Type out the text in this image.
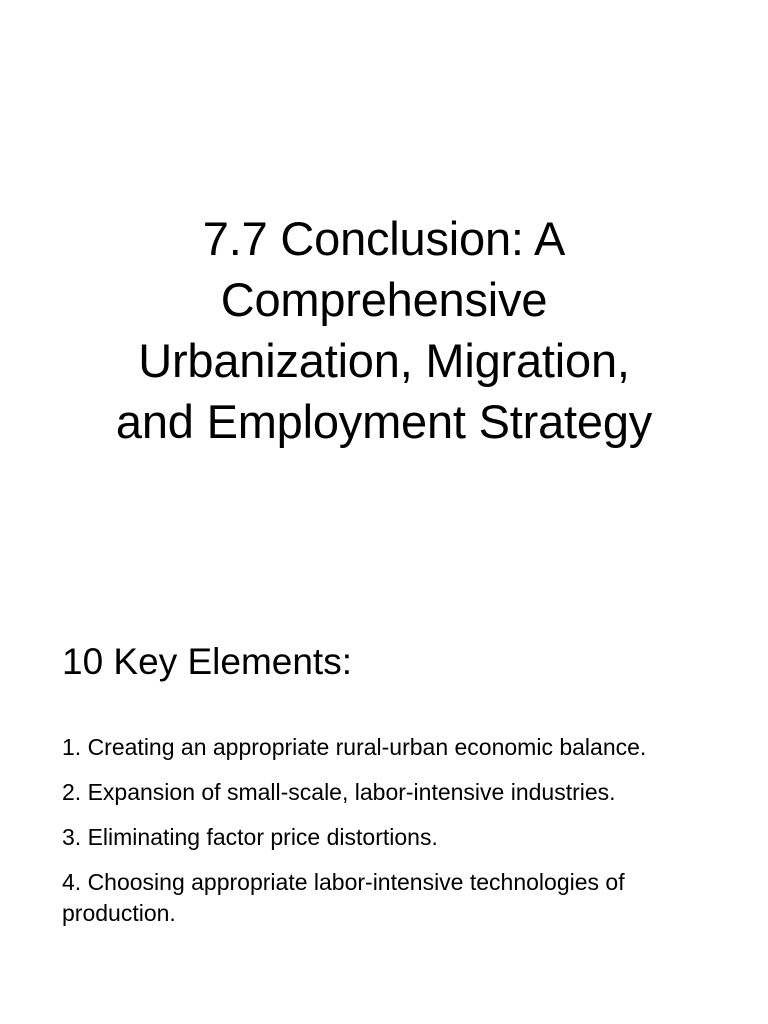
7.7 Conclusion: A
Comprehensive
Urbanization, Migration,
and Employment Strategy
10 Key Elements:
1. Creating an appropriate rural-urban economic balance.
2. Expansion of small-scale, labor-intensive industries.
3. Eliminating factor price distortions.
4. Choosing appropriate labor-intensive technologies of production.
